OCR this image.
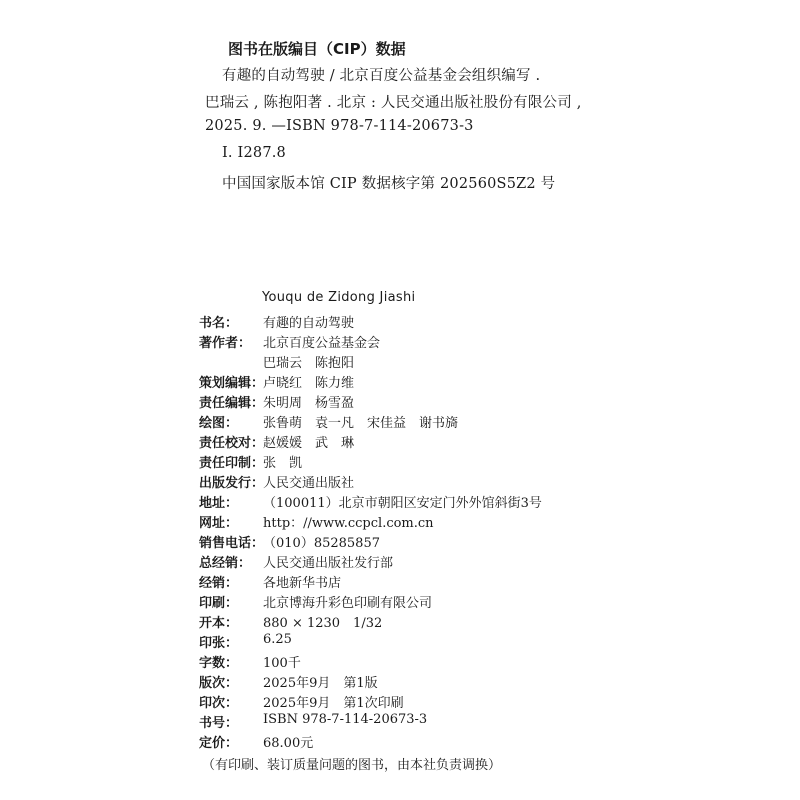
图书在版编目（CIP）数据
有趣的自动驾驶 / 北京百度公益基金会组织编写 .
巴瑞云 , 陈抱阳著 . 北京 : 人民交通出版社股份有限公司 ,
2025. 9. —ISBN 978-7-114-20673-3
Ⅰ. I287.8
中国国家版本馆 CIP 数据核字第 202560S5Z2 号
Youqu de Zidong Jiashi
书名： 有趣的自动驾驶
著作者： 北京百度公益基金会
巴瑞云　陈抱阳
策划编辑：
卢晓红　陈力维
责任编辑：
朱明周　杨雪盈
绘图： 张鲁萌　袁一凡　宋佳益　谢书旖
责任校对：
赵媛媛　武　琳
责任印制：
张　凯
出版发行：
人民交通出版社
地址： （100011）北京市朝阳区安定门外外馆斜街3号
网址： http：//www.ccpcl.com.cn
销售电话：
（010）85285857
总经销： 人民交通出版社发行部
经销： 各地新华书店
印刷： 北京博海升彩色印刷有限公司
开本： 880 × 1230　1/32
印张： 6.25
字数： 100千
版次： 2025年9月　第1版
印次： 2025年9月　第1次印刷
书号： ISBN 978-7-114-20673-3
定价： 68.00元
（有印刷、装订质量问题的图书，由本社负责调换）
